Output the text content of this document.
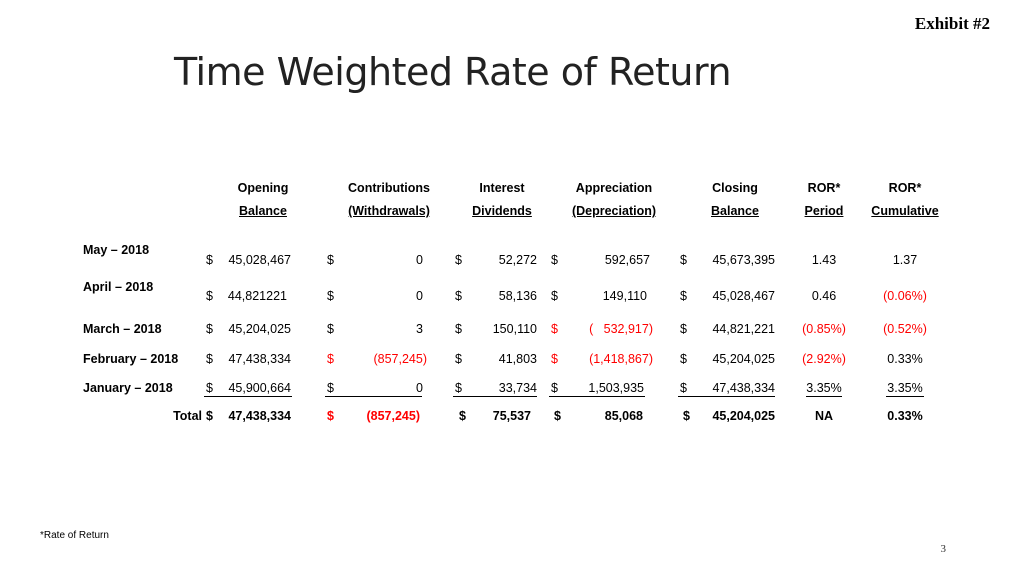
Exhibit #2
Time Weighted Rate of Return
Opening
Balance
Contributions
(Withdrawals)
Interest
Dividends
Appreciation
(Depreciation)
Closing
Balance
ROR*
Period
ROR*
Cumulative
May – 2018
$	45,028,467	$	0	$	52,272 $	592,657 $	45,673,395	1.43	1.37
April – 2018
$	44,821221	$	0	$	58,136 $	149,110	$	45,028,467	0.46	(0.06%)
March – 2018	$	45,204,025	$	3	$	150,110 $	(   532,917) $	44,821,221	(0.85%)	(0.52%)
February – 2018 $	47,438,334	$	(857,245) $	41,803 $	(1,418,867) $	45,204,025	(2.92%)	0.33%
January – 2018	$	45,900,664	$	0	$	33,734 $	1,503,935	$	47,438,334	3.35%	3.35%
Total $	47,438,334	$	(857,245)	$	75,537 $	85,068	$	45,204,025	NA	0.33%
*Rate of Return
3
